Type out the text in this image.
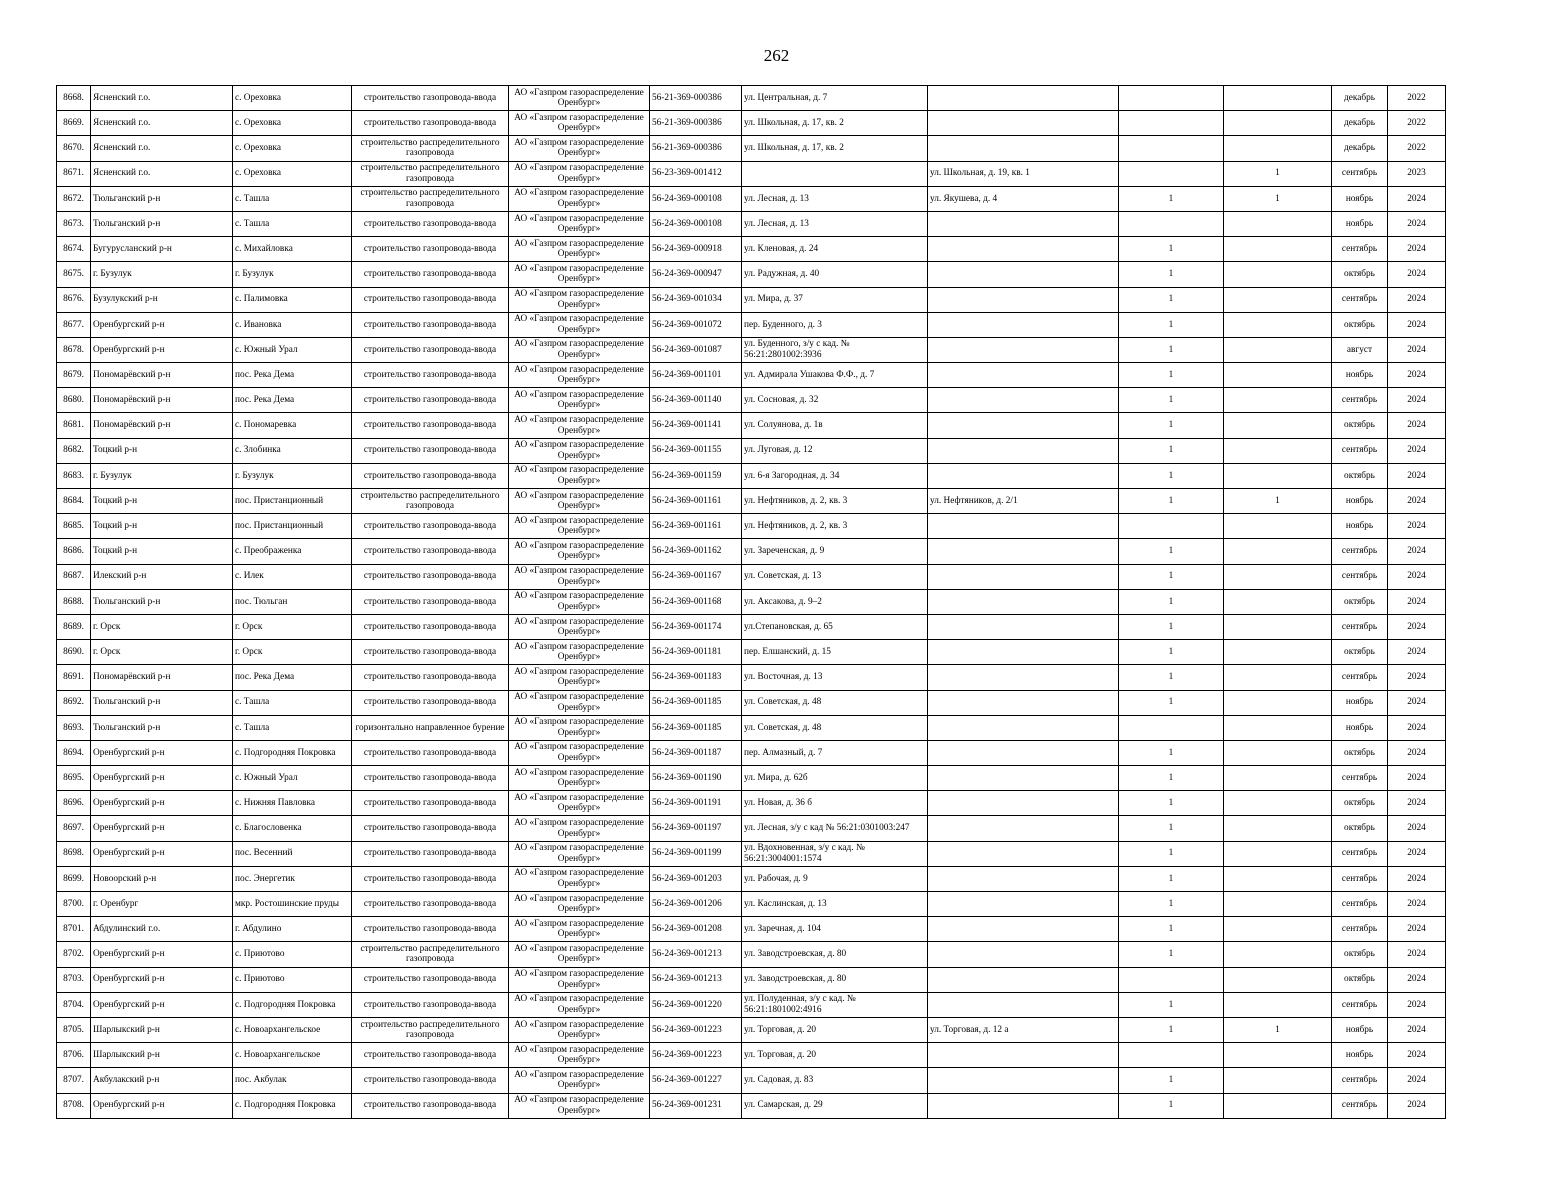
262
8668.	Ясненский г.о.	с. Ореховка	строительство газопровода-ввода	АО «Газпром газораспределение Оренбург»	56-21-369-000386	ул. Центральная, д. 7				декабрь	2022
8669.	Ясненский г.о.	с. Ореховка	строительство газопровода-ввода	АО «Газпром газораспределение Оренбург»	56-21-369-000386	ул. Школьная, д. 17, кв. 2				декабрь	2022
8670.	Ясненский г.о.	с. Ореховка	строительство распределительного газопровода	АО «Газпром газораспределение Оренбург»	56-21-369-000386	ул. Школьная, д. 17, кв. 2				декабрь	2022
8671.	Ясненский г.о.	с. Ореховка	строительство распределительного газопровода	АО «Газпром газораспределение Оренбург»	56-23-369-001412		ул. Школьная, д. 19, кв. 1		1	сентябрь	2023
8672.	Тюльганский р-н	с. Ташла	строительство распределительного газопровода	АО «Газпром газораспределение Оренбург»	56-24-369-000108	ул. Лесная, д. 13	ул. Якушева, д. 4	1	1	ноябрь	2024
8673.	Тюльганский р-н	с. Ташла	строительство газопровода-ввода	АО «Газпром газораспределение Оренбург»	56-24-369-000108	ул. Лесная, д. 13				ноябрь	2024
8674.	Бугурусланский р-н	с. Михайловка	строительство газопровода-ввода	АО «Газпром газораспределение Оренбург»	56-24-369-000918	ул. Кленовая, д. 24		1		сентябрь	2024
8675.	г. Бузулук	г. Бузулук	строительство газопровода-ввода	АО «Газпром газораспределение Оренбург»	56-24-369-000947	ул. Радужная, д. 40		1		октябрь	2024
8676.	Бузулукский р-н	с. Палимовка	строительство газопровода-ввода	АО «Газпром газораспределение Оренбург»	56-24-369-001034	ул. Мира, д. 37		1		сентябрь	2024
8677.	Оренбургский р-н	с. Ивановка	строительство газопровода-ввода	АО «Газпром газораспределение Оренбург»	56-24-369-001072	пер. Буденного, д. 3		1		октябрь	2024
8678.	Оренбургский р-н	с. Южный Урал	строительство газопровода-ввода	АО «Газпром газораспределение Оренбург»	56-24-369-001087	ул. Буденного, з/у с кад. № 56:21:2801002:3936		1		август	2024
8679.	Пономарёвский р-н	пос. Река Дема	строительство газопровода-ввода	АО «Газпром газораспределение Оренбург»	56-24-369-001101	ул. Адмирала Ушакова Ф.Ф., д. 7		1		ноябрь	2024
8680.	Пономарёвский р-н	пос. Река Дема	строительство газопровода-ввода	АО «Газпром газораспределение Оренбург»	56-24-369-001140	ул. Сосновая, д. 32		1		сентябрь	2024
8681.	Пономарёвский р-н	с. Пономаревка	строительство газопровода-ввода	АО «Газпром газораспределение Оренбург»	56-24-369-001141	ул. Солуянова, д. 1в		1		октябрь	2024
8682.	Тоцкий р-н	с. Злобинка	строительство газопровода-ввода	АО «Газпром газораспределение Оренбург»	56-24-369-001155	ул. Луговая, д. 12		1		сентябрь	2024
8683.	г. Бузулук	г. Бузулук	строительство газопровода-ввода	АО «Газпром газораспределение Оренбург»	56-24-369-001159	ул. 6-я Загородная, д. 34		1		октябрь	2024
8684.	Тоцкий р-н	пос. Пристанционный	строительство распределительного газопровода	АО «Газпром газораспределение Оренбург»	56-24-369-001161	ул. Нефтяников, д. 2, кв. 3	ул. Нефтяников, д. 2/1	1	1	ноябрь	2024
8685.	Тоцкий р-н	пос. Пристанционный	строительство газопровода-ввода	АО «Газпром газораспределение Оренбург»	56-24-369-001161	ул. Нефтяников, д. 2, кв. 3				ноябрь	2024
8686.	Тоцкий р-н	с. Преображенка	строительство газопровода-ввода	АО «Газпром газораспределение Оренбург»	56-24-369-001162	ул. Зареченская, д. 9		1		сентябрь	2024
8687.	Илекский р-н	с. Илек	строительство газопровода-ввода	АО «Газпром газораспределение Оренбург»	56-24-369-001167	ул. Советская, д. 13		1		сентябрь	2024
8688.	Тюльганский р-н	пос. Тюльган	строительство газопровода-ввода	АО «Газпром газораспределение Оренбург»	56-24-369-001168	ул. Аксакова, д. 9–2		1		октябрь	2024
8689.	г. Орск	г. Орск	строительство газопровода-ввода	АО «Газпром газораспределение Оренбург»	56-24-369-001174	ул.Степановская, д. 65		1		сентябрь	2024
8690.	г. Орск	г. Орск	строительство газопровода-ввода	АО «Газпром газораспределение Оренбург»	56-24-369-001181	пер. Елшанский, д. 15		1		октябрь	2024
8691.	Пономарёвский р-н	пос. Река Дема	строительство газопровода-ввода	АО «Газпром газораспределение Оренбург»	56-24-369-001183	ул. Восточная, д. 13		1		сентябрь	2024
8692.	Тюльганский р-н	с. Ташла	строительство газопровода-ввода	АО «Газпром газораспределение Оренбург»	56-24-369-001185	ул. Советская, д. 48		1		ноябрь	2024
8693.	Тюльганский р-н	с. Ташла	горизонтально направленное бурение	АО «Газпром газораспределение Оренбург»	56-24-369-001185	ул. Советская, д. 48				ноябрь	2024
8694.	Оренбургский р-н	с. Подгородняя Покровка	строительство газопровода-ввода	АО «Газпром газораспределение Оренбург»	56-24-369-001187	пер. Алмазный, д. 7		1		октябрь	2024
8695.	Оренбургский р-н	с. Южный Урал	строительство газопровода-ввода	АО «Газпром газораспределение Оренбург»	56-24-369-001190	ул. Мира, д. 62б		1		сентябрь	2024
8696.	Оренбургский р-н	с. Нижняя Павловка	строительство газопровода-ввода	АО «Газпром газораспределение Оренбург»	56-24-369-001191	ул. Новая, д. 36 б		1		октябрь	2024
8697.	Оренбургский р-н	с. Благословенка	строительство газопровода-ввода	АО «Газпром газораспределение Оренбург»	56-24-369-001197	ул. Лесная, з/у с кад № 56:21:0301003:247		1		октябрь	2024
8698.	Оренбургский р-н	пос. Весенний	строительство газопровода-ввода	АО «Газпром газораспределение Оренбург»	56-24-369-001199	ул. Вдохновенная, з/у с кад. № 56:21:3004001:1574		1		сентябрь	2024
8699.	Новоорский р-н	пос. Энергетик	строительство газопровода-ввода	АО «Газпром газораспределение Оренбург»	56-24-369-001203	ул. Рабочая, д. 9		1		сентябрь	2024
8700.	г. Оренбург	мкр. Ростошинские пруды	строительство газопровода-ввода	АО «Газпром газораспределение Оренбург»	56-24-369-001206	ул. Каслинская, д. 13		1		сентябрь	2024
8701.	Абдулинский г.о.	г. Абдулино	строительство газопровода-ввода	АО «Газпром газораспределение Оренбург»	56-24-369-001208	ул. Заречная, д. 104		1		сентябрь	2024
8702.	Оренбургский р-н	с. Приютово	строительство распределительного газопровода	АО «Газпром газораспределение Оренбург»	56-24-369-001213	ул. Заводстроевская, д. 80		1		октябрь	2024
8703.	Оренбургский р-н	с. Приютово	строительство газопровода-ввода	АО «Газпром газораспределение Оренбург»	56-24-369-001213	ул. Заводстроевская, д. 80				октябрь	2024
8704.	Оренбургский р-н	с. Подгородняя Покровка	строительство газопровода-ввода	АО «Газпром газораспределение Оренбург»	56-24-369-001220	ул. Полуденная, з/у с кад. № 56:21:1801002:4916		1		сентябрь	2024
8705.	Шарлыкский р-н	с. Новоархангельское	строительство распределительного газопровода	АО «Газпром газораспределение Оренбург»	56-24-369-001223	ул. Торговая, д. 20	ул. Торговая, д. 12 а	1	1	ноябрь	2024
8706.	Шарлыкский р-н	с. Новоархангельское	строительство газопровода-ввода	АО «Газпром газораспределение Оренбург»	56-24-369-001223	ул. Торговая, д. 20				ноябрь	2024
8707.	Акбулакский р-н	пос. Акбулак	строительство газопровода-ввода	АО «Газпром газораспределение Оренбург»	56-24-369-001227	ул. Садовая, д. 83		1		сентябрь	2024
8708.	Оренбургский р-н	с. Подгородняя Покровка	строительство газопровода-ввода	АО «Газпром газораспределение Оренбург»	56-24-369-001231	ул. Самарская, д. 29		1		сентябрь	2024
